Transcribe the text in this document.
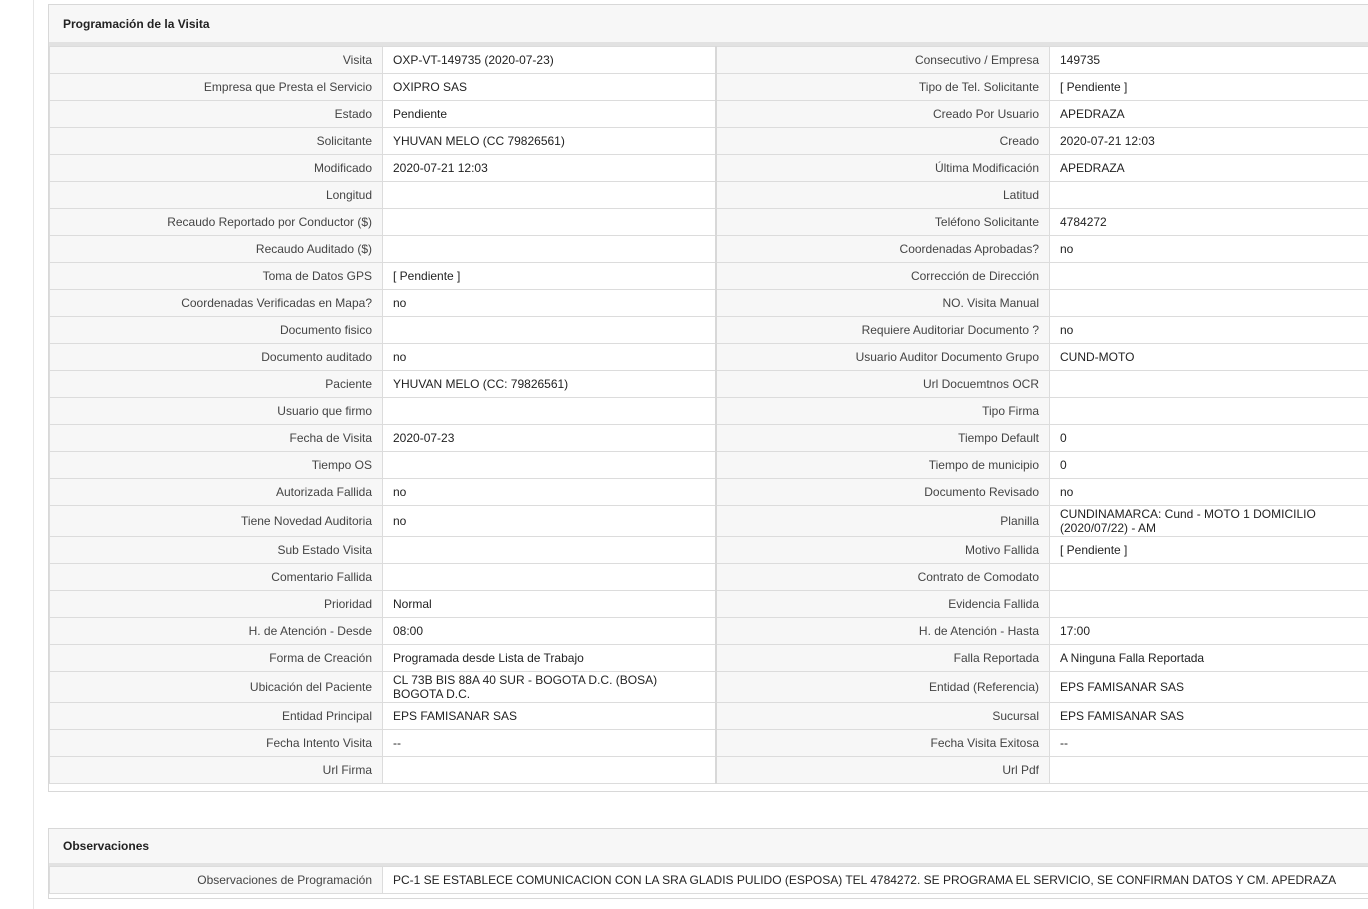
Programación de la Visita
Visita	OXP-VT-149735 (2020-07-23)	Consecutivo / Empresa	149735
Empresa que Presta el Servicio	OXIPRO SAS	Tipo de Tel. Solicitante	[ Pendiente ]
Estado	Pendiente	Creado Por Usuario	APEDRAZA
Solicitante	YHUVAN MELO (CC 79826561)	Creado	2020-07-21 12:03
Modificado	2020-07-21 12:03	Última Modificación	APEDRAZA
Longitud		Latitud	
Recaudo Reportado por Conductor ($)		Teléfono Solicitante	4784272
Recaudo Auditado ($)		Coordenadas Aprobadas?	no
Toma de Datos GPS	[ Pendiente ]	Corrección de Dirección	
Coordenadas Verificadas en Mapa?	no	NO. Visita Manual	
Documento fisico		Requiere Auditoriar Documento ?	no
Documento auditado	no	Usuario Auditor Documento Grupo	CUND-MOTO
Paciente	YHUVAN MELO (CC: 79826561)	Url Docuemtnos OCR	
Usuario que firmo		Tipo Firma	
Fecha de Visita	2020-07-23	Tiempo Default	0
Tiempo OS		Tiempo de municipio	0
Autorizada Fallida	no	Documento Revisado	no
Tiene Novedad Auditoria	no	Planilla	CUNDINAMARCA: Cund - MOTO 1 DOMICILIO (2020/07/22) - AM
Sub Estado Visita		Motivo Fallida	[ Pendiente ]
Comentario Fallida		Contrato de Comodato	
Prioridad	Normal	Evidencia Fallida	
H. de Atención - Desde	08:00	H. de Atención - Hasta	17:00
Forma de Creación	Programada desde Lista de Trabajo	Falla Reportada	A Ninguna Falla Reportada
Ubicación del Paciente	CL 73B BIS 88A 40 SUR - BOGOTA D.C. (BOSA) BOGOTA D.C.	Entidad (Referencia)	EPS FAMISANAR SAS
Entidad Principal	EPS FAMISANAR SAS	Sucursal	EPS FAMISANAR SAS
Fecha Intento Visita	--	Fecha Visita Exitosa	--
Url Firma		Url Pdf	
Observaciones
Observaciones de Programación	PC-1 SE ESTABLECE COMUNICACION CON LA SRA GLADIS PULIDO (ESPOSA) TEL 4784272. SE PROGRAMA EL SERVICIO, SE CONFIRMAN DATOS Y CM. APEDRAZA
